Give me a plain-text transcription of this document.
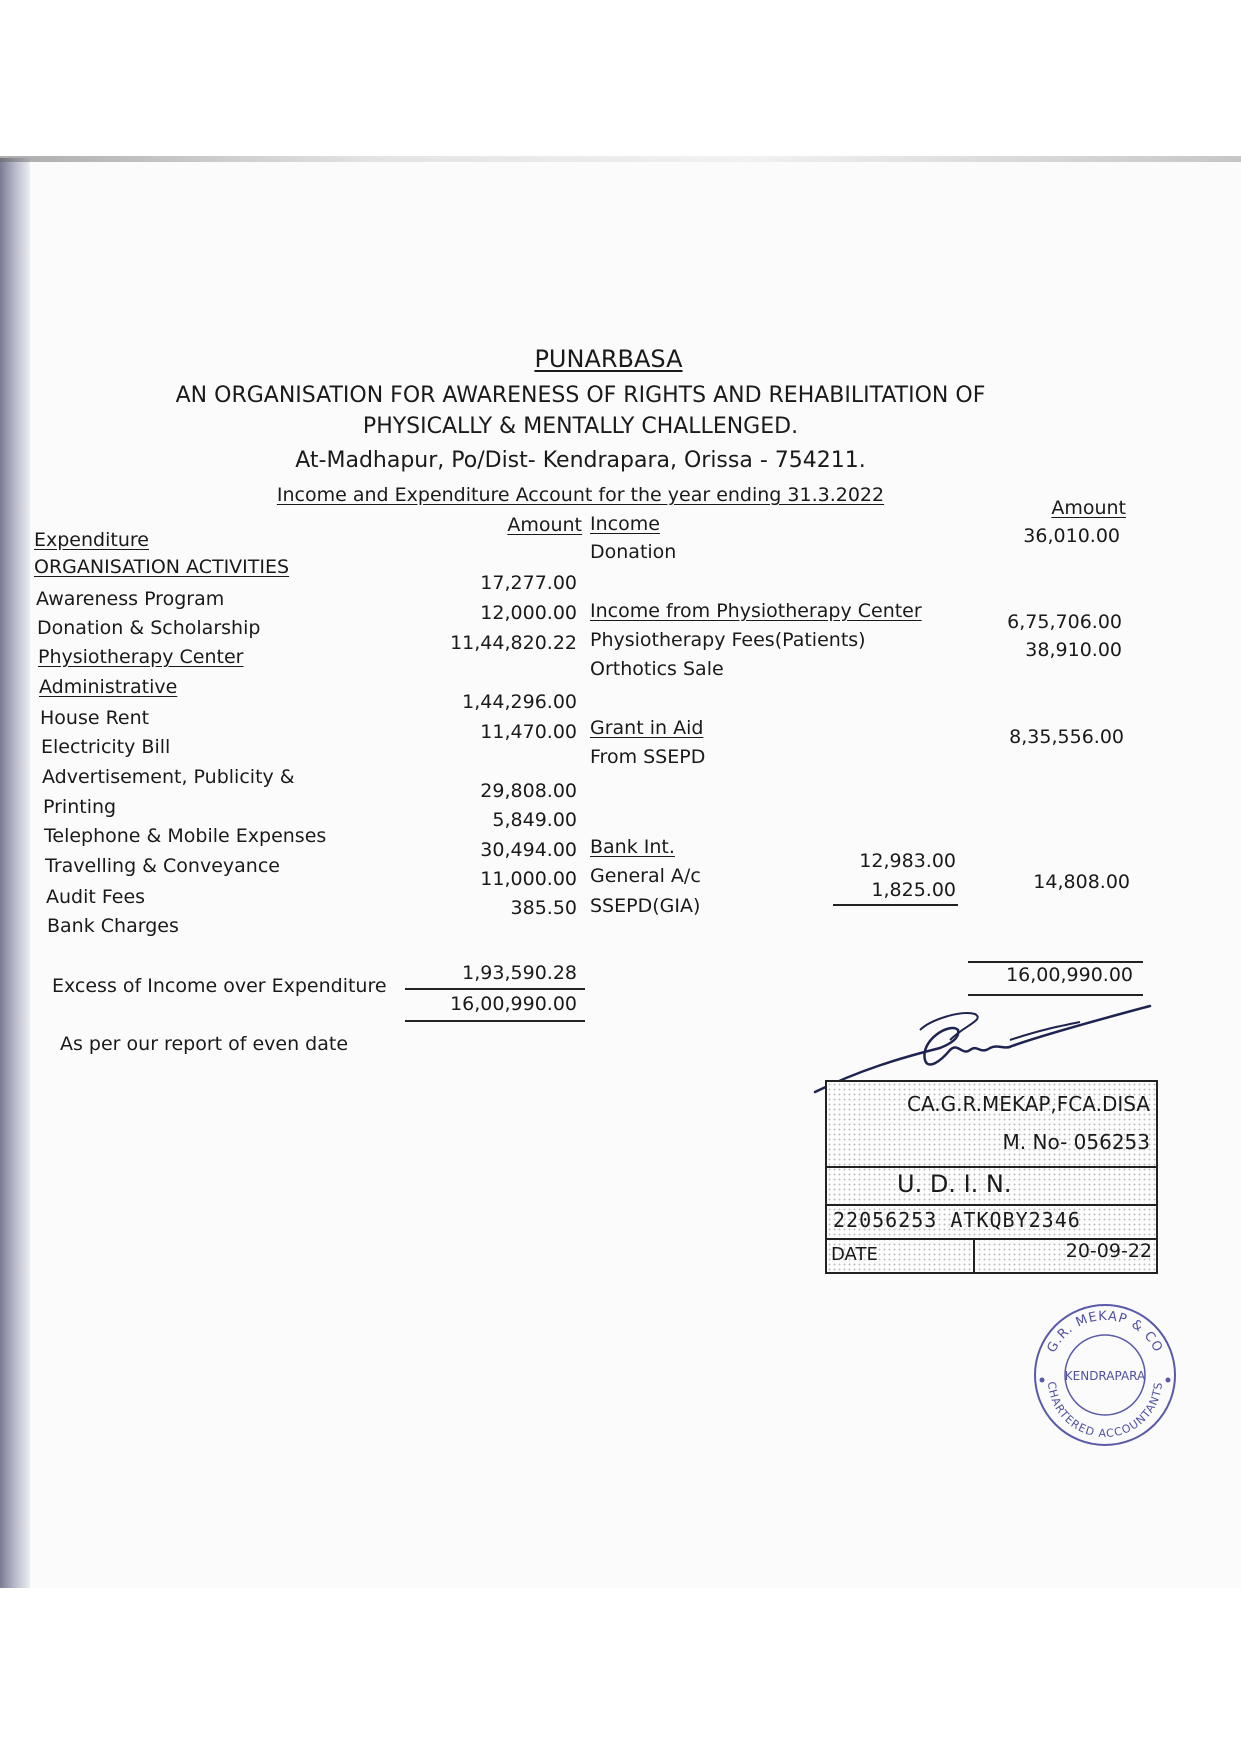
PUNARBASA
AN ORGANISATION FOR AWARENESS OF RIGHTS AND REHABILITATION OF
PHYSICALLY & MENTALLY CHALLENGED.
At-Madhapur, Po/Dist- Kendrapara, Orissa - 754211.
Income and Expenditure Account for the year ending 31.3.2022
Expenditure
Amount Income
Amount
ORGANISATION ACTIVITIES
Awareness Program
17,277.00
Donation & Scholarship
12,000.00
Physiotherapy Center
11,44,820.22
Administrative
House Rent
1,44,296.00
Electricity Bill
11,470.00
Advertisement, Publicity &
Printing
29,808.00
Telephone & Mobile Expenses
5,849.00
Travelling & Conveyance
30,494.00
Audit Fees
11,000.00
Bank Charges
385.50
Excess of Income over Expenditure
1,93,590.28
16,00,990.00
As per our report of even date
Donation
36,010.00
Income from Physiotherapy Center
Physiotherapy Fees(Patients)
6,75,706.00
Orthotics Sale
38,910.00
Grant in Aid
From SSEPD
8,35,556.00
Bank Int.
General A/c
12,983.00
SSEPD(GIA)
1,825.00	14,808.00
16,00,990.00
CA.G.R.MEKAP,FCA.DISA
M. No- 056253
U. D. I. N.
22056253 ATKQBY2346
DATE	20-09-22
G.R. MEKAP & CO
CHARTERED ACCOUNTANTS
KENDRAPARA
